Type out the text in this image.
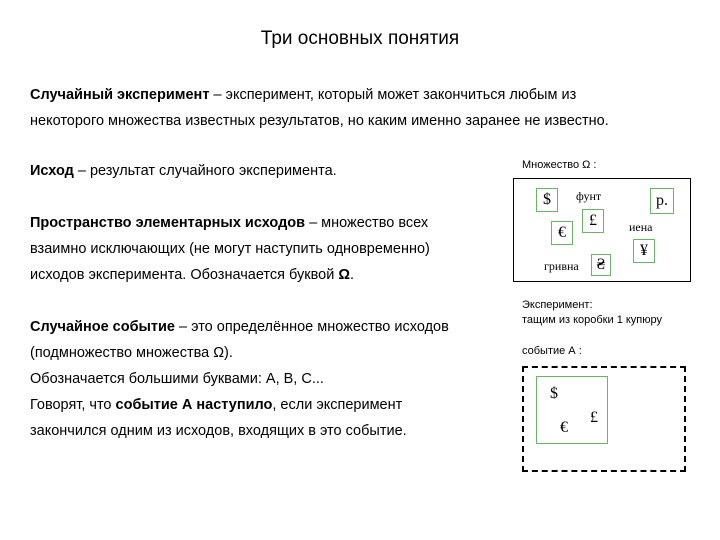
Три основных понятия
Случайный эксперимент – эксперимент, который может закончиться любым из
некоторого множества известных результатов, но каким именно заранее не известно.
Исход – результат случайного эксперимента.
Пространство элементарных исходов – множество всех
взаимно исключающих (не могут наступить одновременно)
исходов эксперимента. Обозначается буквой Ω.
Случайное событие – это определённое множество исходов
(подмножество множества Ω).
Обозначается большими буквами: А, В, С...
Говорят, что событие А наступило, если эксперимент
закончился одним из исходов, входящих в это событие.
Множество Ω :
$	фунт
£
р.
€	иена
¥
гривна	₴
Эксперимент:
тащим из коробки 1 купюру
событие А :
$
€
£
